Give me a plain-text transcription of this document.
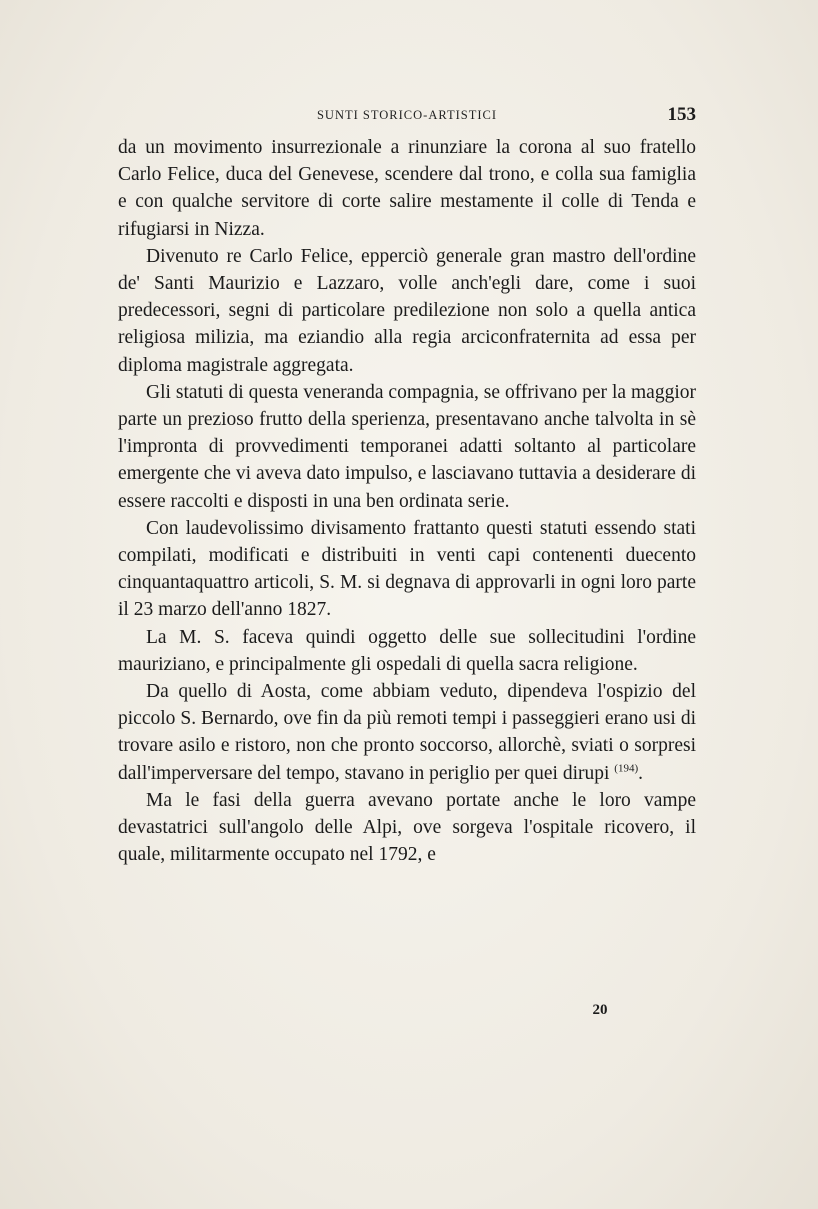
SUNTI STORICO-ARTISTICI	153

da un movimento insurrezionale a rinunziare la corona al suo fratello Carlo Felice, duca del Genevese, scendere dal trono, e colla sua famiglia e con qualche servitore di corte salire mestamente il colle di Tenda e rifugiarsi in Nizza.

Divenuto re Carlo Felice, epperciò generale gran mastro dell'ordine de' Santi Maurizio e Lazzaro, volle anch'egli dare, come i suoi predecessori, segni di particolare predilezione non solo a quella antica religiosa milizia, ma eziandio alla regia arciconfraternita ad essa per diploma magistrale aggregata.

Gli statuti di questa veneranda compagnia, se offrivano per la maggior parte un prezioso frutto della sperienza, presentavano anche talvolta in sè l'impronta di provvedimenti temporanei adatti soltanto al particolare emergente che vi aveva dato impulso, e lasciavano tuttavia a desiderare di essere raccolti e disposti in una ben ordinata serie.

Con laudevolissimo divisamento frattanto questi statuti essendo stati compilati, modificati e distribuiti in venti capi contenenti duecento cinquantaquattro articoli, S. M. si degnava di approvarli in ogni loro parte il 23 marzo dell'anno 1827.

La M. S. faceva quindi oggetto delle sue sollecitudini l'ordine mauriziano, e principalmente gli ospedali di quella sacra religione.

Da quello di Aosta, come abbiam veduto, dipendeva l'ospizio del piccolo S. Bernardo, ove fin da più remoti tempi i passeggieri erano usi di trovare asilo e ristoro, non che pronto soccorso, allorchè, sviati o sorpresi dall'imperversare del tempo, stavano in periglio per quei dirupi $^{(194)}$.

Ma le fasi della guerra avevano portate anche le loro vampe devastatrici sull'angolo delle Alpi, ove sorgeva l'ospitale ricovero, il quale, militarmente occupato nel 1792, e

20
